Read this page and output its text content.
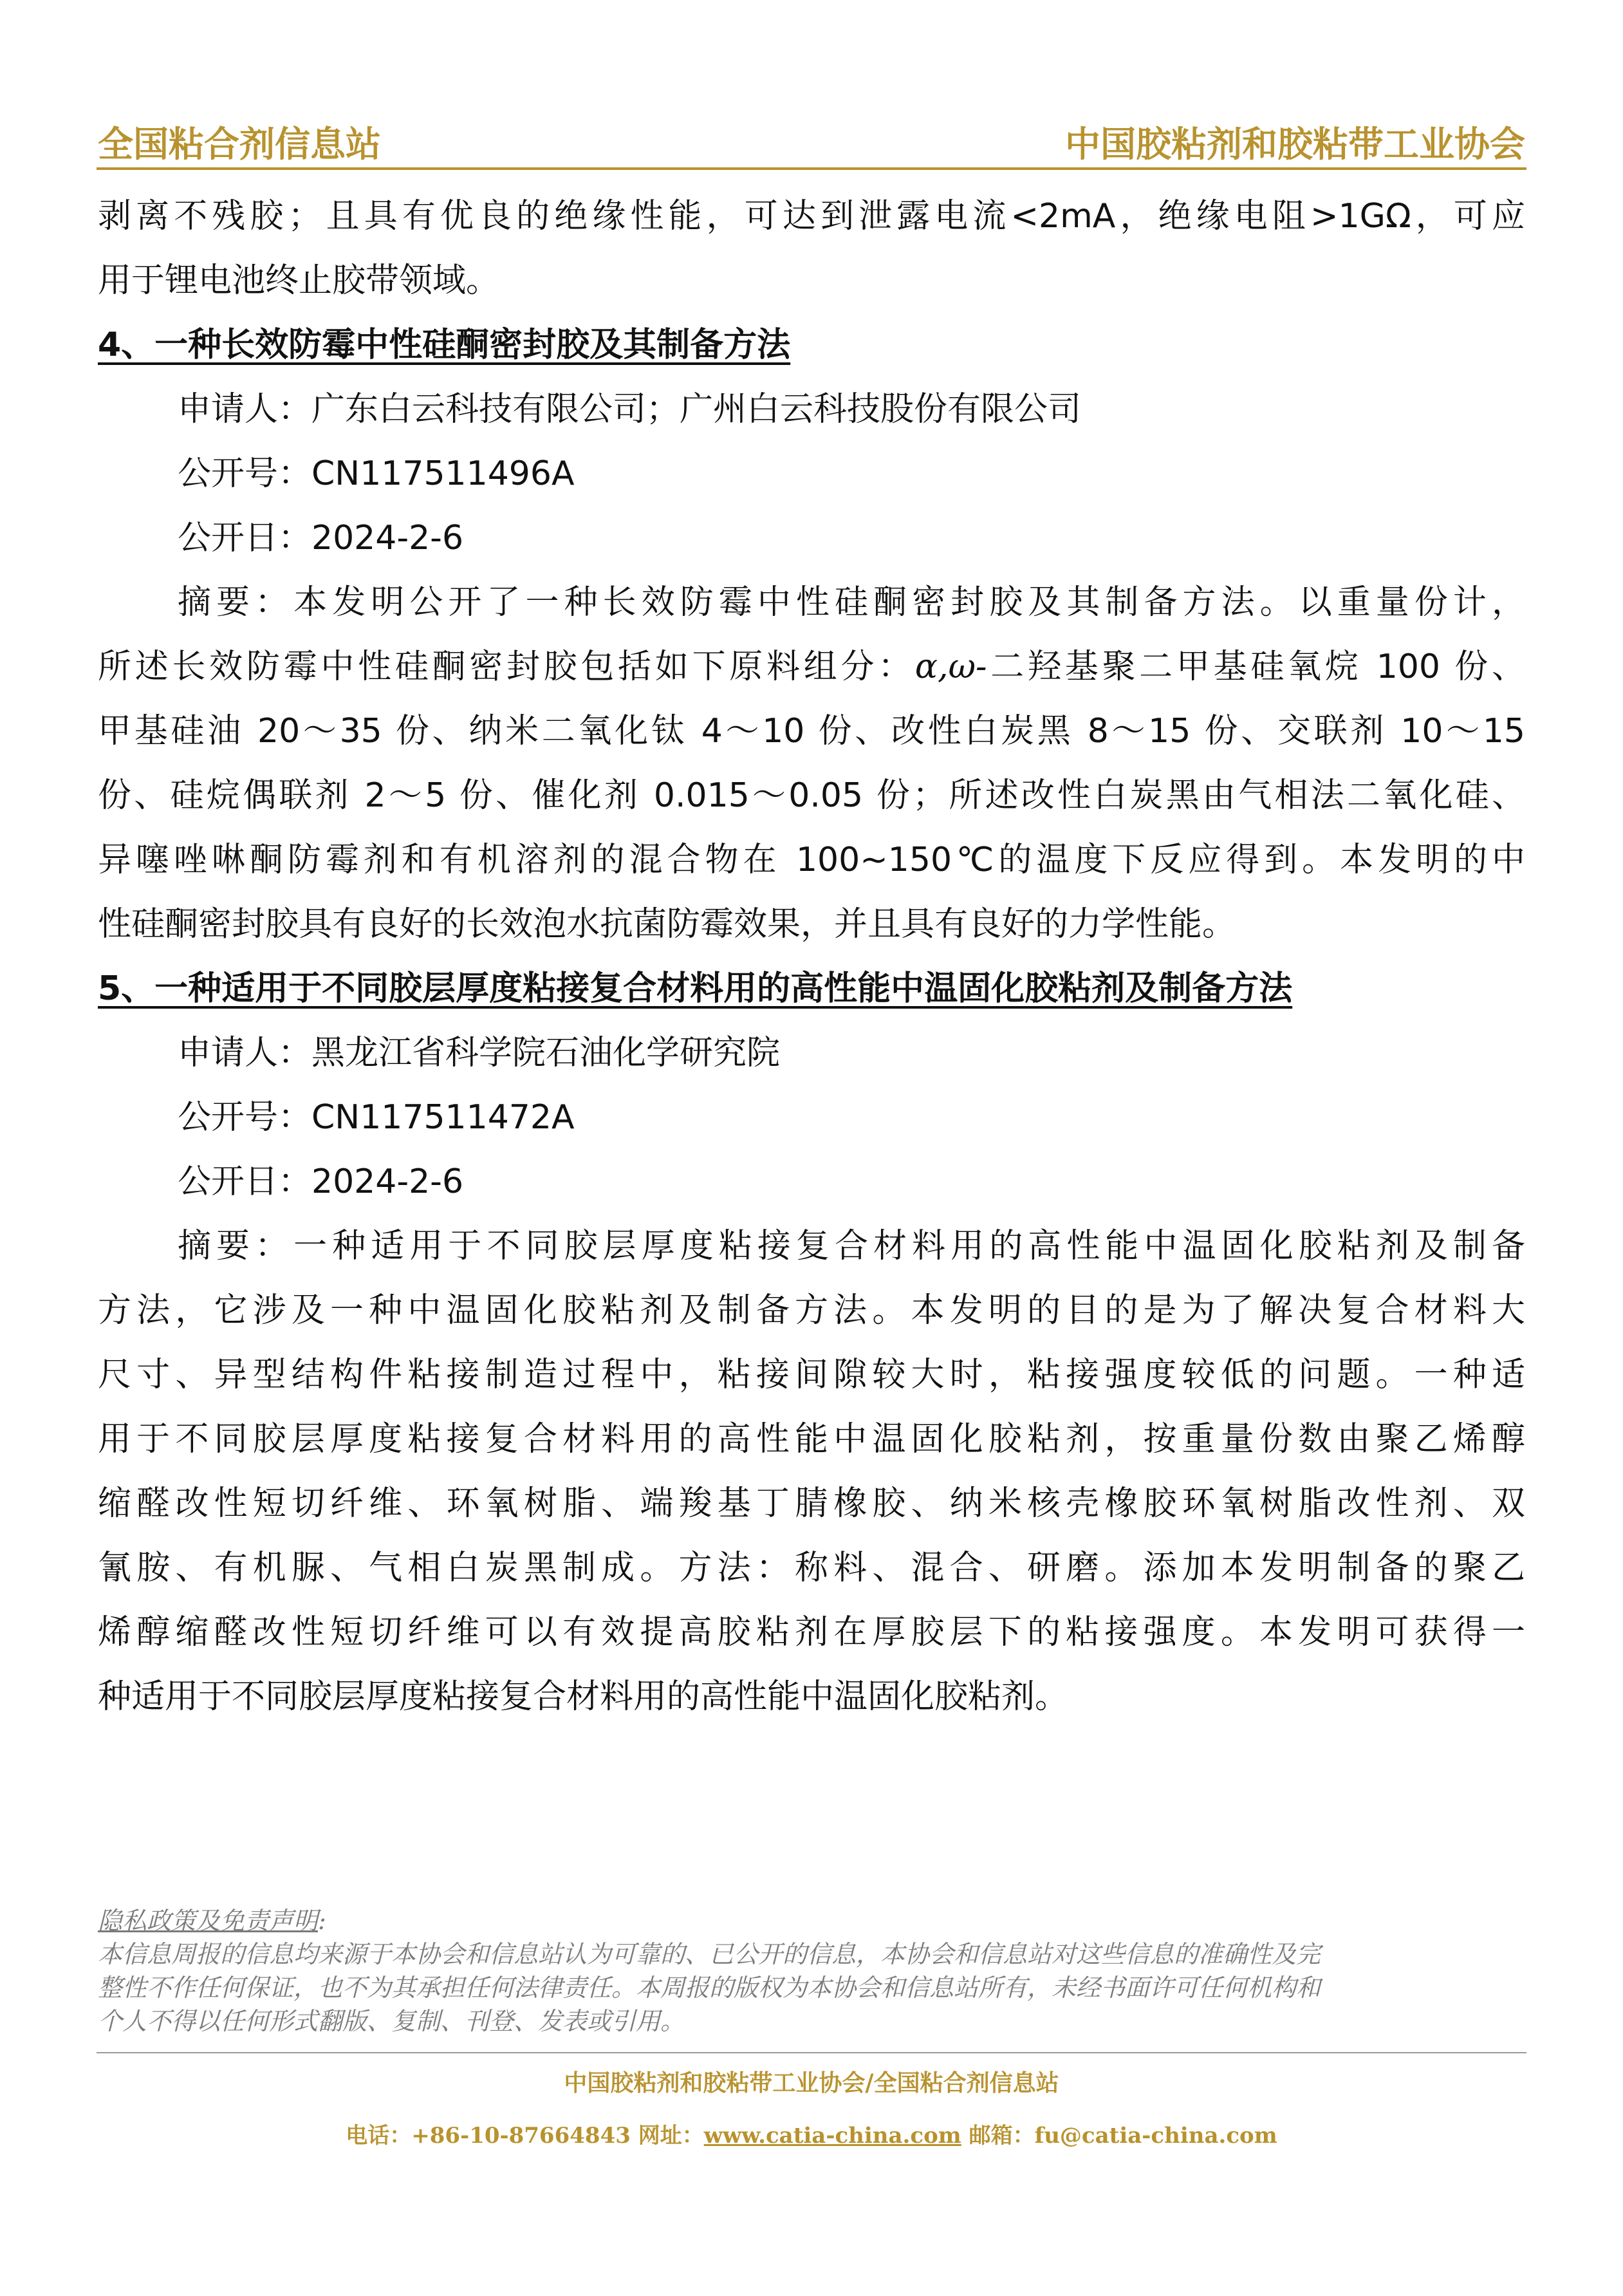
全国粘合剂信息站	中国胶粘剂和胶粘带工业协会

剥离不残胶；且具有优良的绝缘性能，可达到泄露电流<2mA，绝缘电阻>1GΩ，可应

用于锂电池终止胶带领域。

4、一种长效防霉中性硅酮密封胶及其制备方法

申请人：广东白云科技有限公司；广州白云科技股份有限公司

公开号：CN117511496A

公开日：2024-2-6

摘要：本发明公开了一种长效防霉中性硅酮密封胶及其制备方法。以重量份计，

所述长效防霉中性硅酮密封胶包括如下原料组分：α,ω-二羟基聚二甲基硅氧烷 100 份、

甲基硅油 20～35 份、纳米二氧化钛 4～10 份、改性白炭黑 8～15 份、交联剂 10～15

份、硅烷偶联剂 2～5 份、催化剂 0.015～0.05 份；所述改性白炭黑由气相法二氧化硅、

异噻唑啉酮防霉剂和有机溶剂的混合物在 100~150℃的温度下反应得到。本发明的中

性硅酮密封胶具有良好的长效泡水抗菌防霉效果，并且具有良好的力学性能。

5、一种适用于不同胶层厚度粘接复合材料用的高性能中温固化胶粘剂及制备方法

申请人：黑龙江省科学院石油化学研究院

公开号：CN117511472A

公开日：2024-2-6

摘要：一种适用于不同胶层厚度粘接复合材料用的高性能中温固化胶粘剂及制备

方法，它涉及一种中温固化胶粘剂及制备方法。本发明的目的是为了解决复合材料大

尺寸、异型结构件粘接制造过程中，粘接间隙较大时，粘接强度较低的问题。一种适

用于不同胶层厚度粘接复合材料用的高性能中温固化胶粘剂，按重量份数由聚乙烯醇

缩醛改性短切纤维、环氧树脂、端羧基丁腈橡胶、纳米核壳橡胶环氧树脂改性剂、双

氰胺、有机脲、气相白炭黑制成。方法：称料、混合、研磨。添加本发明制备的聚乙

烯醇缩醛改性短切纤维可以有效提高胶粘剂在厚胶层下的粘接强度。本发明可获得一

种适用于不同胶层厚度粘接复合材料用的高性能中温固化胶粘剂。

隐私政策及免责声明:
本信息周报的信息均来源于本协会和信息站认为可靠的、已公开的信息，本协会和信息站对这些信息的准确性及完
整性不作任何保证，也不为其承担任何法律责任。本周报的版权为本协会和信息站所有，未经书面许可任何机构和
个人不得以任何形式翻版、复制、刊登、发表或引用。
中国胶粘剂和胶粘带工业协会/全国粘合剂信息站
电话：+86-10-87664843 网址：www.catia-china.com 邮箱：fu@catia-china.com
